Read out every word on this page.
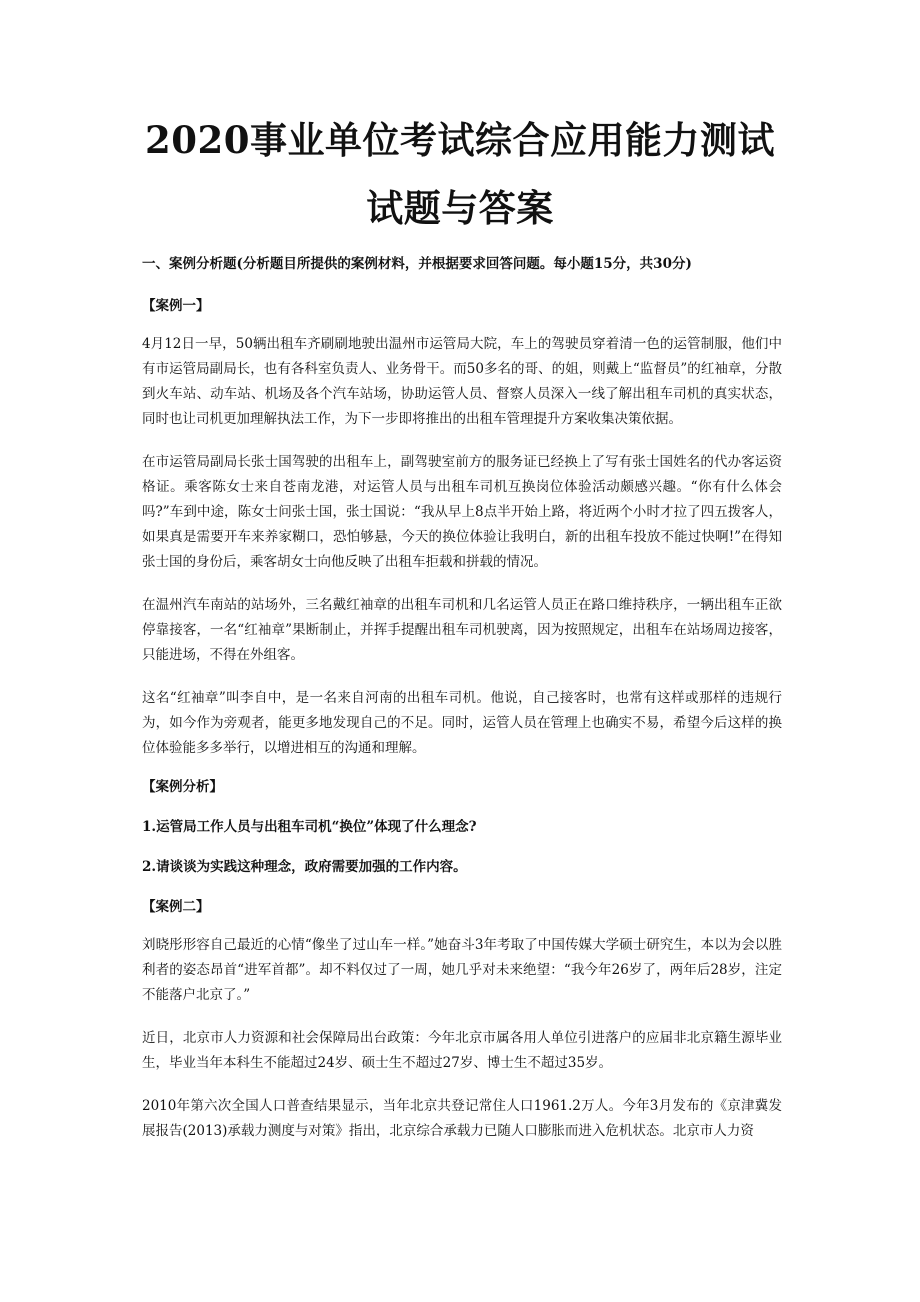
2020事业单位考试综合应用能力测试
试题与答案

一、案例分析题(分析题目所提供的案例材料，并根据要求回答问题。每小题15分，共30分)

【案例一】

4月12日一早，50辆出租车齐刷刷地驶出温州市运管局大院，车上的驾驶员穿着清一色的运管制服，他们中有市运管局副局长，也有各科室负责人、业务骨干。而50多名的哥、的姐，则戴上“监督员”的红袖章，分散到火车站、动车站、机场及各个汽车站场，协助运管人员、督察人员深入一线了解出租车司机的真实状态，同时也让司机更加理解执法工作，为下一步即将推出的出租车管理提升方案收集决策依据。

在市运管局副局长张士国驾驶的出租车上，副驾驶室前方的服务证已经换上了写有张士国姓名的代办客运资格证。乘客陈女士来自苍南龙港，对运管人员与出租车司机互换岗位体验活动颇感兴趣。“你有什么体会吗?”车到中途，陈女士问张士国，张士国说：“我从早上8点半开始上路，将近两个小时才拉了四五拨客人，如果真是需要开车来养家糊口，恐怕够悬，今天的换位体验让我明白，新的出租车投放不能过快啊!”在得知张士国的身份后，乘客胡女士向他反映了出租车拒载和拼载的情况。

在温州汽车南站的站场外，三名戴红袖章的出租车司机和几名运管人员正在路口维持秩序，一辆出租车正欲停靠接客，一名“红袖章”果断制止，并挥手提醒出租车司机驶离，因为按照规定，出租车在站场周边接客，只能进场，不得在外组客。

这名“红袖章”叫李自中，是一名来自河南的出租车司机。他说，自己接客时，也常有这样或那样的违规行为，如今作为旁观者，能更多地发现自己的不足。同时，运管人员在管理上也确实不易，希望今后这样的换位体验能多多举行，以增进相互的沟通和理解。

【案例分析】

1.运管局工作人员与出租车司机“换位”体现了什么理念?

2.请谈谈为实践这种理念，政府需要加强的工作内容。

【案例二】

刘晓彤形容自己最近的心情“像坐了过山车一样。”她奋斗3年考取了中国传媒大学硕士研究生，本以为会以胜利者的姿态昂首“进军首都”。却不料仅过了一周，她几乎对未来绝望：“我今年26岁了，两年后28岁，注定不能落户北京了。”

近日，北京市人力资源和社会保障局出台政策：今年北京市属各用人单位引进落户的应届非北京籍生源毕业生，毕业当年本科生不能超过24岁、硕士生不超过27岁、博士生不超过35岁。

2010年第六次全国人口普查结果显示，当年北京共登记常住人口1961.2万人。今年3月发布的《京津冀发展报告(2013)承载力测度与对策》指出，北京综合承载力已随人口膨胀而进入危机状态。北京市人力资
